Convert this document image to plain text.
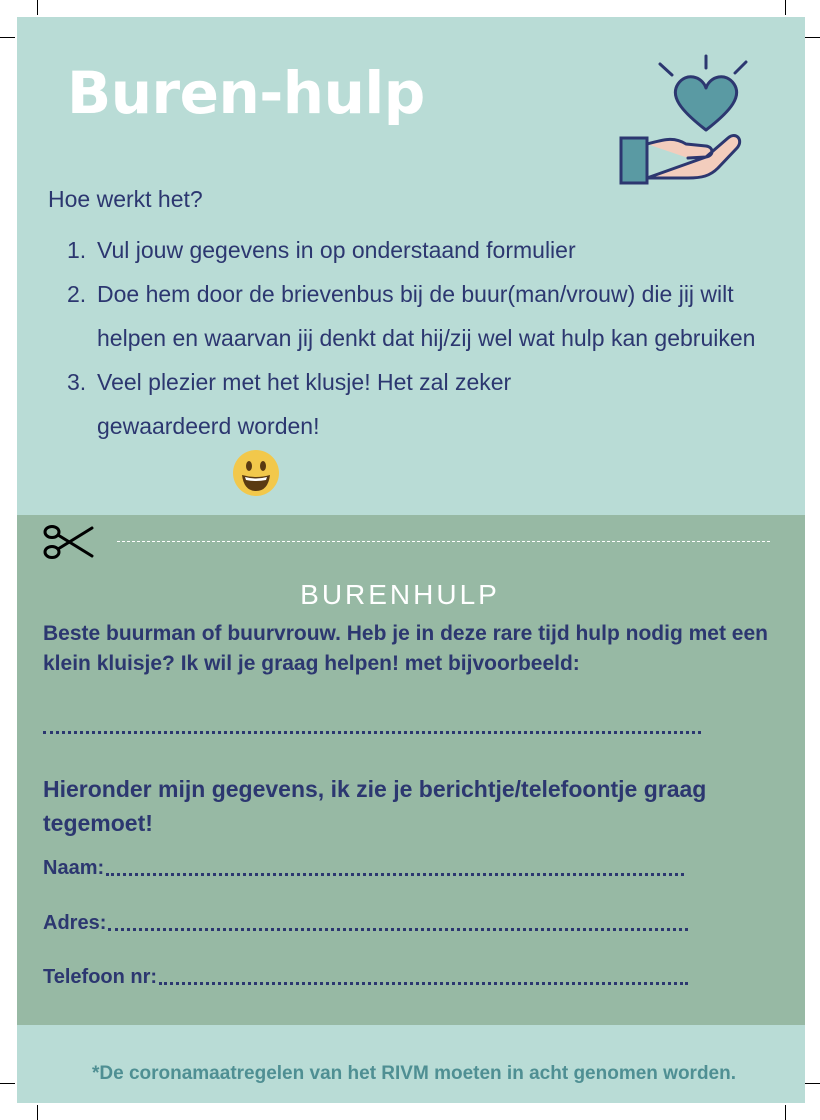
Buren-hulp
Hoe werkt het?
1. Vul jouw gegevens in op onderstaand formulier
2. Doe hem door de brievenbus bij de buur(man/vrouw) die jij wilt helpen en waarvan jij denkt dat hij/zij wel wat hulp kan gebruiken
3. Veel plezier met het klusje! Het zal zeker gewaardeerd worden!
BURENHULP
Beste buurman of buurvrouw. Heb je in deze rare tijd hulp nodig met een klein kluisje? Ik wil je graag helpen! met bijvoorbeeld:
Hieronder mijn gegevens, ik zie je berichtje/telefoontje graag tegemoet!
Naam:
Adres:
Telefoon nr:
*De coronamaatregelen van het RIVM moeten in acht genomen worden.
